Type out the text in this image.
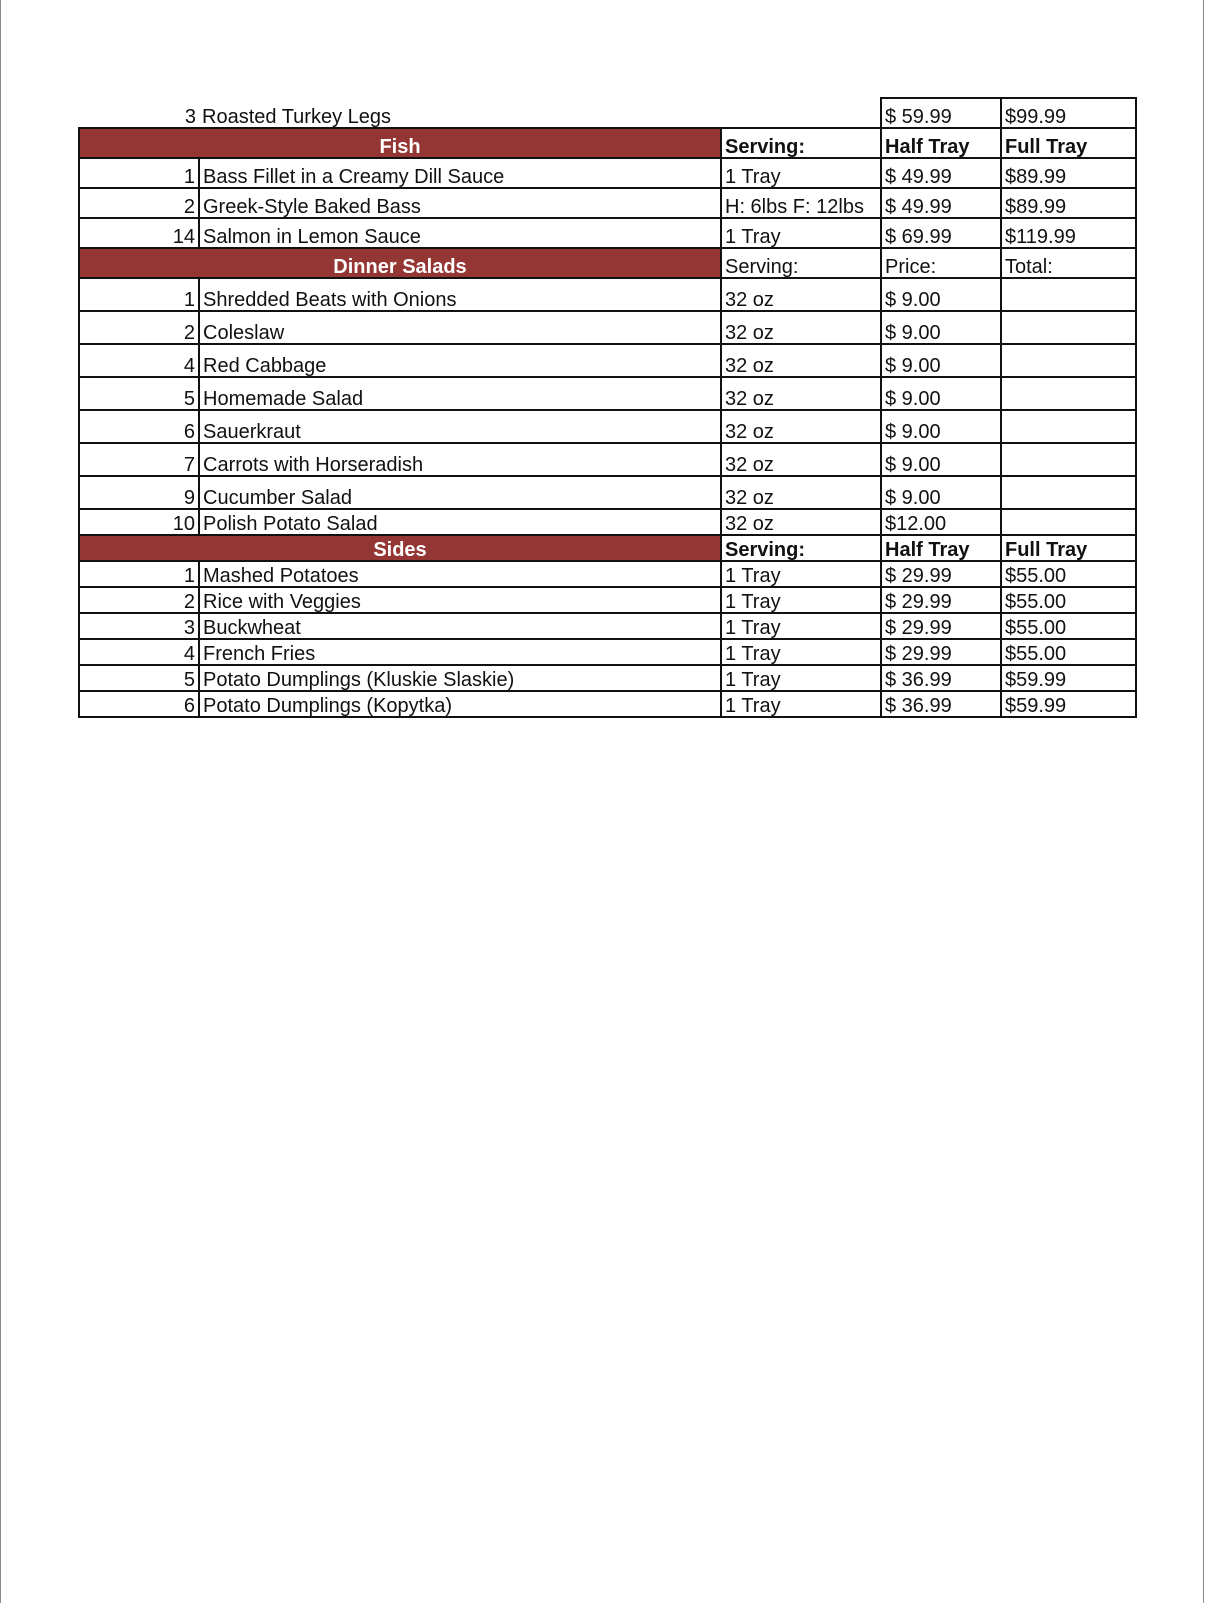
3	Roasted Turkey Legs		$ 59.99	$99.99
Fish		Serving:	Half Tray	Full Tray
1	Bass Fillet in a Creamy Dill Sauce	1 Tray	$ 49.99	$89.99
2	Greek-Style Baked Bass	H: 6lbs F: 12lbs	$ 49.99	$89.99
14	Salmon in Lemon Sauce	1 Tray	$ 69.99	$119.99
Dinner Salads		Serving:	Price:	Total:
1	Shredded Beats with Onions	32 oz	$ 9.00	
2	Coleslaw	32 oz	$ 9.00	
4	Red Cabbage	32 oz	$ 9.00	
5	Homemade Salad	32 oz	$ 9.00	
6	Sauerkraut	32 oz	$ 9.00	
7	Carrots with Horseradish	32 oz	$ 9.00	
9	Cucumber Salad	32 oz	$ 9.00	
10	Polish Potato Salad	32 oz	$12.00	
Sides		Serving:	Half Tray	Full Tray
1	Mashed Potatoes	1 Tray	$ 29.99	$55.00
2	Rice with Veggies	1 Tray	$ 29.99	$55.00
3	Buckwheat	1 Tray	$ 29.99	$55.00
4	French Fries	1 Tray	$ 29.99	$55.00
5	Potato Dumplings (Kluskie Slaskie)	1 Tray	$ 36.99	$59.99
6	Potato Dumplings (Kopytka)	1 Tray	$ 36.99	$59.99
